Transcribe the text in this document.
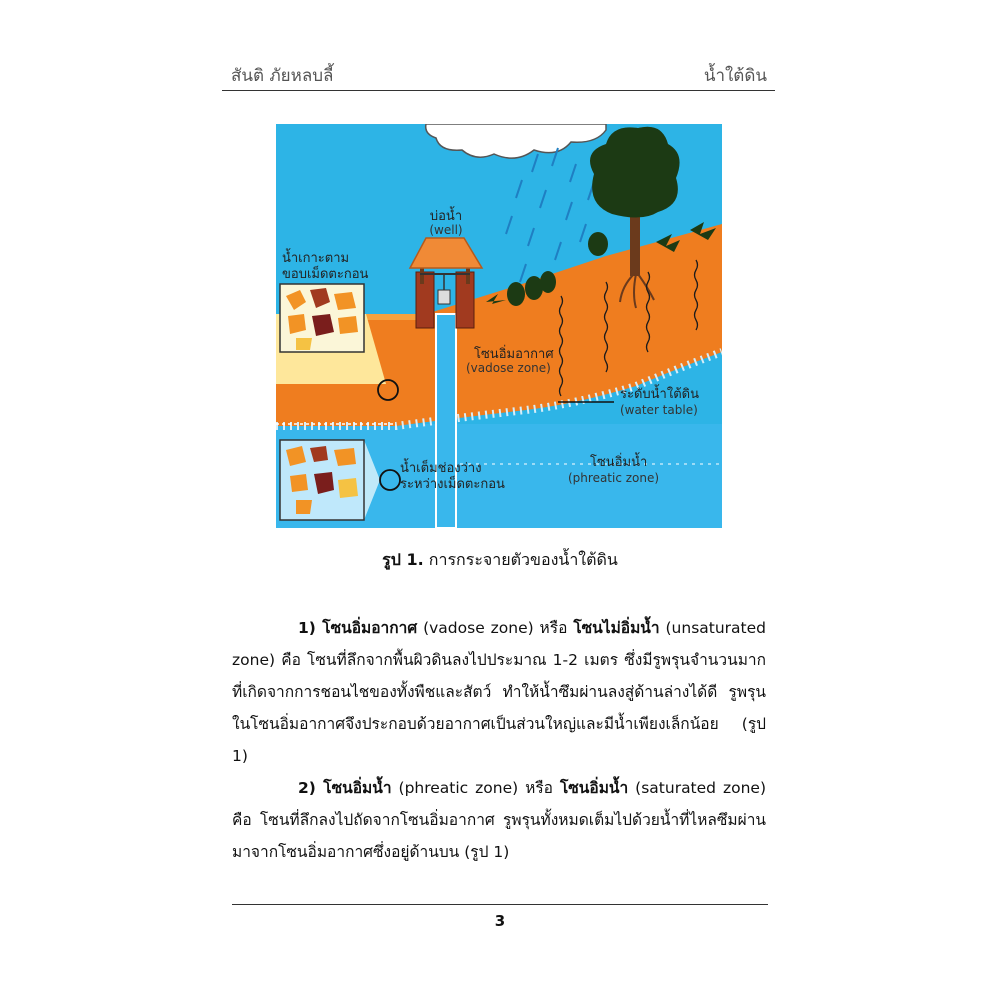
สันติ ภัยหลบลี้	น้ำใต้ดิน
บ่อน้ำ
(well)
น้ำเกาะตาม
ขอบเม็ดตะกอน
โซนอิ่มอากาศ
(vadose zone)
ระดับน้ำใต้ดิน
(water table)
น้ำเต็มช่องว่าง
ระหว่างเม็ดตะกอน
โซนอิ่มน้ำ
(phreatic zone)
รูป 1. การกระจายตัวของน้ำใต้ดิน

1) โซนอิ่มอากาศ (vadose zone) หรือ โซนไม่อิ่มน้ำ (unsaturated zone) คือ โซนที่ลึกจากพื้นผิวดินลงไปประมาณ 1-2 เมตร ซึ่งมีรูพรุนจำนวนมากที่เกิดจากการชอนไชของทั้งพืชและสัตว์ ทำให้น้ำซึมผ่านลงสู่ด้านล่างได้ดี รูพรุนในโซนอิ่มอากาศจึงประกอบด้วยอากาศเป็นส่วนใหญ่และมีน้ำเพียงเล็กน้อย (รูป 1)

2) โซนอิ่มน้ำ (phreatic zone) หรือ โซนอิ่มน้ำ (saturated zone) คือ โซนที่ลึกลงไปถัดจากโซนอิ่มอากาศ รูพรุนทั้งหมดเต็มไปด้วยน้ำที่ไหลซึมผ่านมาจากโซนอิ่มอากาศซึ่งอยู่ด้านบน (รูป 1)

3
